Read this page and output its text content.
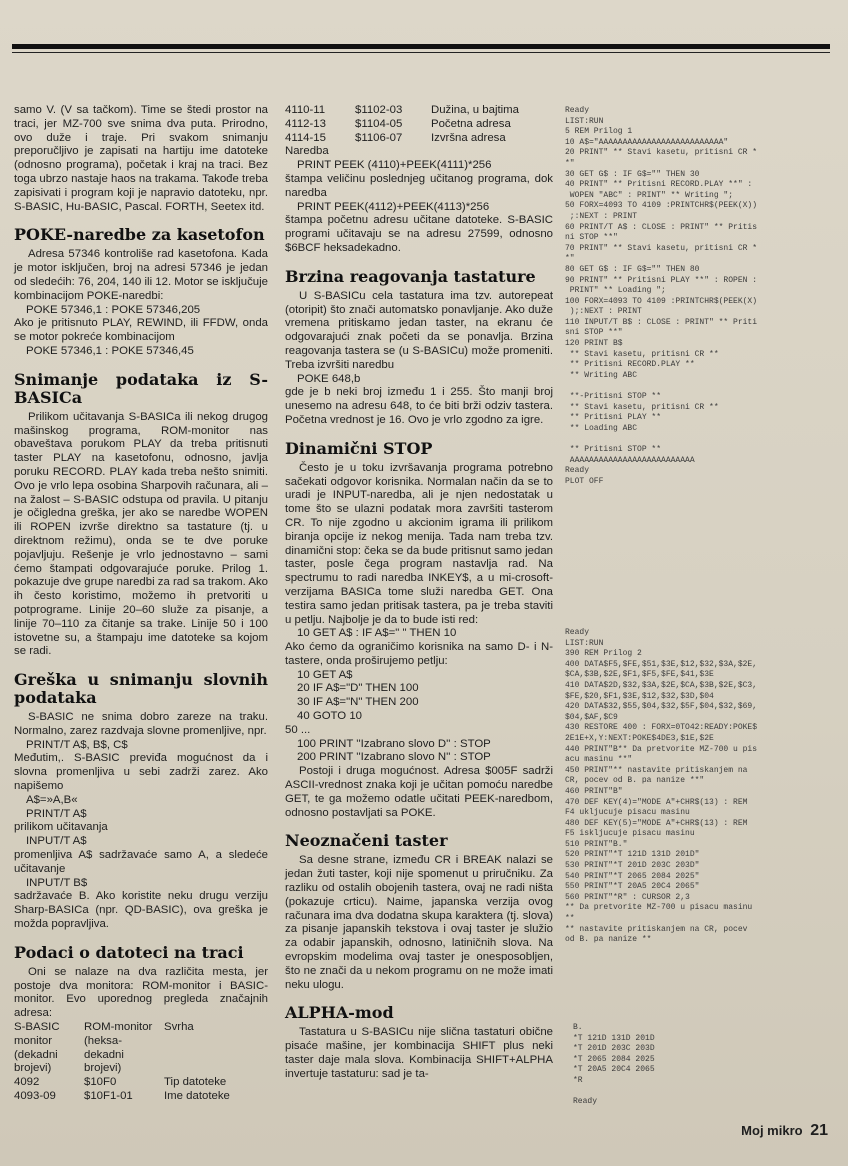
samo V. (V sa tačkom). Time se štedi prostor na traci, jer MZ-700 sve snima dva puta. Prirodno, ovo duže i traje. Pri svakom snimanju preporučljivo je zapisati na hartiju ime datoteke (odnosno programa), početak i kraj na traci. Bez toga ubrzo nastaje haos na trakama. Takođe treba zapisivati i program koji je napravio datoteku, npr. S-BASIC, Hu-BASIC, Pascal. FORTH, Seetex itd.

POKE-naredbe za kasetofon

Adresa 57346 kontroliše rad kasetofona. Kada je motor isključen, broj na adresi 57346 je jedan od sledećih: 76, 204, 140 ili 12. Motor se isključuje kombinacijom POKE-naredbi:

POKE 57346,1 : POKE 57346,205

Ako je pritisnuto PLAY, REWIND, ili FFDW, onda se motor pokreće kombinacijom

POKE 57346,1 : POKE 57346,45

Snimanje podataka iz S-BASICa

Prilikom učitavanja S-BASICa ili nekog drugog mašinskog programa, ROM-monitor nas obaveštava porukom PLAY da treba pritisnuti taster PLAY na kasetofonu, odnosno, javlja poruku RECORD. PLAY kada treba nešto snimiti. Ovo je vrlo lepa osobina Sharpovih računara, ali – na žalost – S-BASIC odstupa od pravila. U pitanju je očigledna greška, jer ako se naredbe WOPEN ili ROPEN izvrše direktno sa tastature (tj. u direktnom režimu), onda se te dve poruke pojavljuju. Rešenje je vrlo jednostavno – sami ćemo štampati odgovarajuće poruke. Prilog 1. pokazuje dve grupe naredbi za rad sa trakom. Ako ih često koristimo, možemo ih pretvoriti u potprograme. Linije 20–60 služe za pisanje, a linije 70–110 za čitanje sa trake. Linije 50 i 100 istovetne su, a štampaju ime datoteke sa kojom se radi.

Greška u snimanju slovnih podataka

S-BASIC ne snima dobro zareze na traku. Normalno, zarez razdvaja slovne promenljive, npr.

PRINT/T A$, B$, C$

Međutim,. S-BASIC previđa mogućnost da i slovna promenljiva u sebi zadrži zarez. Ako napišemo

A$=»A,B«

PRINT/T A$

prilikom učitavanja

INPUT/T A$

promenljiva A$ sadržavaće samo A, a sledeće učitavanje

INPUT/T B$

sadržavaće B. Ako koristite neku drugu verziju Sharp-BASICa (npr. QD-BASIC), ova greška je možda popravljiva.

Podaci o datoteci na traci

Oni se nalaze na dva različita mesta, jer postoje dva monitora: ROM-monitor i BASIC-monitor. Evo uporednog pregleda značajnih adresa:

S-BASIC monitor (dekadni brojevi)	ROM-monitor (heksa-dekadni brojevi)	Svrha
4092	$10F0	Tip datoteke
4093-09	$10F1-01	Ime datoteke
4110-11	$1102-03	Dužina, u bajtima
4112-13	$1104-05	Početna adresa
4114-15	$1106-07	Izvršna adresa

Naredba

PRINT PEEK (4110)+PEEK(4111)*256

štampa veličinu poslednjeg učitanog programa, dok naredba

PRINT PEEK(4112)+PEEK(4113)*256

štampa početnu adresu učitane datoteke. S-BASIC programi učitavaju se na adresu 27599, odnosno $6BCF heksadekadno.

Brzina reagovanja tastature

U S-BASICu cela tastatura ima tzv. autorepeat (otoripit) što znači automatsko ponavljanje. Ako duže vremena pritiskamo jedan taster, na ekranu će odgovarajući znak početi da se ponavlja. Brzina reagovanja tastera se (u S-BASICu) može promeniti. Treba izvršiti naredbu

POKE 648,b

gde je b neki broj između 1 i 255. Što manji broj unesemo na adresu 648, to će biti brži odziv tastera. Početna vrednost je 16. Ovo je vrlo zgodno za igre.

Dinamični STOP

Često je u toku izvršavanja programa potrebno sačekati odgovor korisnika. Normalan način da se to uradi je INPUT-naredba, ali je njen nedostatak u tome što se ulazni podatak mora završiti tasterom CR. To nije zgodno u akcionim igrama ili prilikom biranja opcije iz nekog menija. Tada nam treba tzv. dinamični stop: čeka se da bude pritisnut samo jedan taster, posle čega program nastavlja rad. Na spectrumu to radi naredba INKEY$, a u mi-crosoft-verzijama BASICa tome služi naredba GET. Ona testira samo jedan pritisak tastera, pa je treba staviti u petlju. Najbolje je da to bude isti red:

10 GET A$ : IF A$=" " THEN 10

Ako ćemo da ograničimo korisnika na samo D- i N-tastere, onda proširujemo petlju:

10 GET A$

20 IF A$="D" THEN 100

30 IF A$="N" THEN 200

40 GOTO 10

50 ...

100 PRINT ''Izabrano slovo D'' : STOP

200 PRINT ''Izabrano slovo N'' : STOP

Postoji i druga mogućnost. Adresa $005F sadrži ASCII-vrednost znaka koji je učitan pomoću naredbe GET, te ga možemo odatle učitati PEEK-naredbom, odnosno postavljati sa POKE.

Neoznačeni taster

Sa desne strane, između CR i BREAK nalazi se jedan žuti taster, koji nije spomenut u priručniku. Za razliku od ostalih obojenih tastera, ovaj ne radi ništa (pokazuje crticu). Naime, japanska verzija ovog računara ima dva dodatna skupa karaktera (tj. slova) za pisanje japanskih tekstova i ovaj taster je služio za odabir japanskih, odnosno, latiničnih slova. Na evropskim modelima ovaj taster je onesposobljen, što ne znači da u nekom programu on ne može imati neku ulogu.

ALPHA-mod

Tastatura u S-BASICu nije slična tastaturi obične pisaće mašine, jer kombinacija SHIFT plus neki taster daje mala slova. Kombinacija SHIFT+ALPHA invertuje tastaturu: sad je ta-

Ready
LIST:RUN
5 REM Prilog 1
10 A$="AAAAAAAAAAAAAAAAAAAAAAAAAA"
20 PRINT" ** Stavi kasetu, pritisni CR *
*"
30 GET G$ : IF G$="" THEN 30
40 PRINT" ** Pritisni RECORD.PLAY **" :
WOPEN "ABC" : PRINT" ** Writing ";
50 FORX=4093 TO 4109 :PRINTCHR$(PEEK(X))
;:NEXT : PRINT
60 PRINT/T A$ : CLOSE : PRINT" ** Pritis
ni STOP **"
70 PRINT" ** Stavi kasetu, pritisni CR *
*"
80 GET G$ : IF G$="" THEN 80
90 PRINT" ** Pritisni PLAY **" : ROPEN :
PRINT" ** Loading ";
100 FORX=4093 TO 4109 :PRINTCHR$(PEEK(X)
);:NEXT : PRINT
110 INPUT/T B$ : CLOSE : PRINT" ** Priti
sni STOP **"
120 PRINT B$
** Stavi kasetu, pritisni CR **
** Pritisni RECORD.PLAY **
** Writing ABC
**-Pritisni STOP **
** Stavi kasetu, pritisni CR **
** Pritisni PLAY **
** Loading ABC
** Pritisni STOP **
AAAAAAAAAAAAAAAAAAAAAAAAAA
Ready
PLOT OFF
Ready
LIST:RUN
390 REM Prilog 2
400 DATA$F5,$FE,$51,$3E,$12,$32,$3A,$2E,
$CA,$3B,$2E,$F1,$F5,$FE,$41,$3E
410 DATA$2D,$32,$3A,$2E,$CA,$3B,$2E,$C3,
$FE,$20,$F1,$3E,$12,$32,$3D,$04
420 DATA$32,$55,$04,$32,$5F,$04,$32,$69,
$04,$AF,$C9
430 RESTORE 400 : FORX=0TO42:READY:POKE$
2E1E+X,Y:NEXT:POKE$4DE3,$1E,$2E
440 PRINT"B** Da pretvorite MZ-700 u pis
acu masinu **"
450 PRINT"** nastavite pritiskanjem na
CR, pocev od B. pa nanize **"
460 PRINT"B"
470 DEF KEY(4)="MODE A"+CHR$(13) : REM
F4 ukljucuje pisacu masinu
480 DEF KEY(5)="MODE A"+CHR$(13) : REM
F5 iskljucuje pisacu masinu
510 PRINT"B."
520 PRINT"*T 121D 131D 201D"
530 PRINT"*T 201D 203C 203D"
540 PRINT"*T 2065 2084 2025"
550 PRINT"*T 20A5 20C4 2065"
560 PRINT"*R" : CURSOR 2,3
** Da pretvorite MZ-700 u pisacu masinu
**
** nastavite pritiskanjem na CR, pocev
od B. pa nanize **
B.
*T 121D 131D 201D
*T 201D 203C 203D
*T 2065 2084 2025
*T 20A5 20C4 2065
*R
Ready
Moj mikro 21
